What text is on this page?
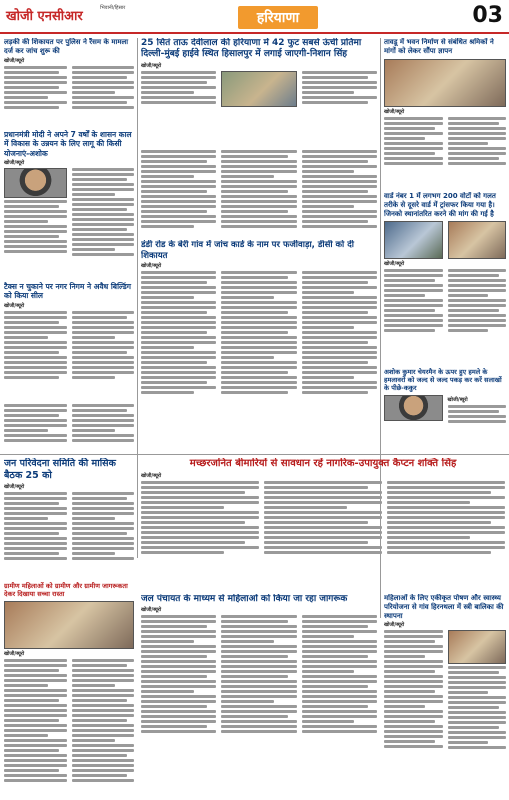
खोजी एनसीआर
भिवानी/हिसार
हरियाणा	03
लड़की की शिकायत पर पुलिस ने रैंसम के मामला दर्ज कर जांच शुरू की
खोजी/ब्यूरो
25 सितं ताऊ देवीलाल की हरियाणा में 42 फुट सबसे ऊंची प्रतिमा दिल्ली-मुंबई हाईवे स्थित हिसालपुर में लगाई जाएगी-निशान सिंह
खोजी/ब्यूरो
तावडू में भवन निर्माण से संबंधित श्रमिकों ने मांगों को लेकर सौंपा ज्ञापन
खोजी/ब्यूरो
प्रधानमंत्री मोदी ने अपने 7 वर्षों के शासन काल में विकास के उन्नयन के लिए लागू की किसी योजनाएं-अशोक
खोजी/ब्यूरो
टैक्स न चुकाने पर नगर निगम ने अवैध बिल्डिंग को किया सील
खोजी/ब्यूरो
डंडी रोड के बेरी गांव में जांच कार्ड के नाम पर फर्जीवाड़ा, डीसी को दी शिकायत
खोजी/ब्यूरो
वार्ड नंबर 1 में लगभग 200 वोटों को गलत तरीके से दूसरे वार्ड में ट्रांसफर किया गया है। जिनको स्थानांतरित करने की मांग की गई है
खोजी/ब्यूरो
अशोक कुमार चेयरमैन के ऊपर हुए हमले के हमलावरों को जल्द से जल्द पकड़ कर करें सलाखों के पीछे-ककुर
खोजी/ब्यूरो
मच्छरजनित बीमारियों से सावधान रहें नागरिक-उपायुक्त कैप्टन शक्ति सिंह
खोजी/ब्यूरो
जन परिवेदना समिति की मासिक बैठक 25 को
खोजी/ब्यूरो
ग्रामीण महिलाओं को ग्रामीण और ग्रामीण जागरूकता देकर दिखाया सच्चा रास्ता
खोजी/ब्यूरो
जल पंचायत के माध्यम से महिलाओं को किया जा रहा जागरूक
खोजी/ब्यूरो
महिलाओं के लिए एकीकृत पोषण और स्वास्थ्य परियोजना से गांव हिरनथला में स्त्री बालिका की स्थापना
खोजी/ब्यूरो
